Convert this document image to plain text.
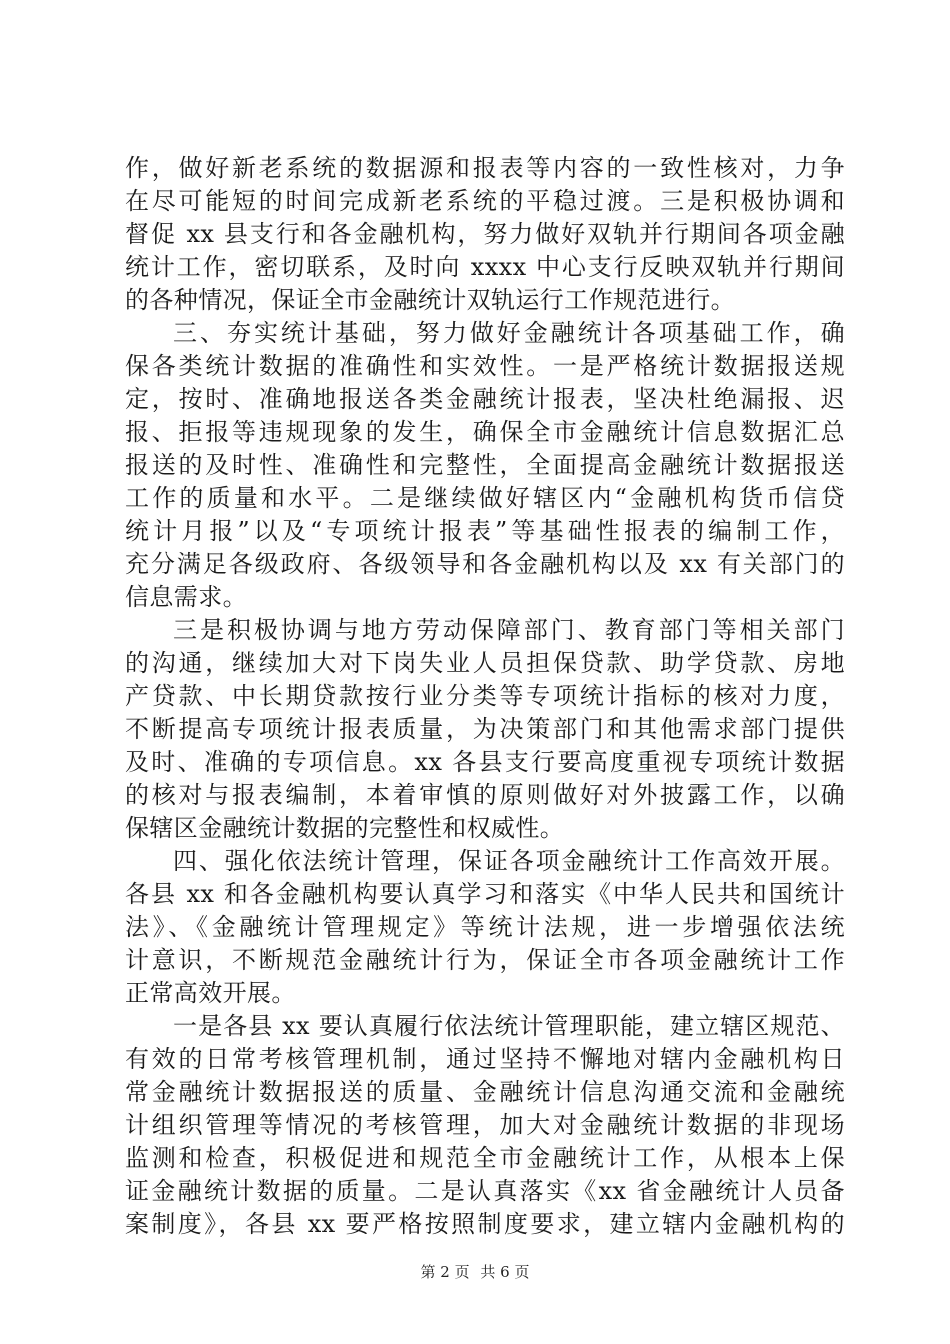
作，做好新老系统的数据源和报表等内容的一致性核对，力争
在尽可能短的时间完成新老系统的平稳过渡。三是积极协调和
督促 xx 县支行和各金融机构，努力做好双轨并行期间各项金融
统计工作，密切联系，及时向 xxxx 中心支行反映双轨并行期间
的各种情况，保证全市金融统计双轨运行工作规范进行。
三、夯实统计基础，努力做好金融统计各项基础工作，确
保各类统计数据的准确性和实效性。一是严格统计数据报送规
定，按时、准确地报送各类金融统计报表，坚决杜绝漏报、迟
报、拒报等违规现象的发生，确保全市金融统计信息数据汇总
报送的及时性、准确性和完整性，全面提高金融统计数据报送
工作的质量和水平。二是继续做好辖区内“金融机构货币信贷
统计月报”以及“专项统计报表”等基础性报表的编制工作，
充分满足各级政府、各级领导和各金融机构以及 xx 有关部门的
信息需求。
三是积极协调与地方劳动保障部门、教育部门等相关部门
的沟通，继续加大对下岗失业人员担保贷款、助学贷款、房地
产贷款、中长期贷款按行业分类等专项统计指标的核对力度，
不断提高专项统计报表质量，为决策部门和其他需求部门提供
及时、准确的专项信息。xx 各县支行要高度重视专项统计数据
的核对与报表编制，本着审慎的原则做好对外披露工作，以确
保辖区金融统计数据的完整性和权威性。
四、强化依法统计管理，保证各项金融统计工作高效开展。
各县 xx 和各金融机构要认真学习和落实《中华人民共和国统计
法》、《金融统计管理规定》等统计法规，进一步增强依法统
计意识，不断规范金融统计行为，保证全市各项金融统计工作
正常高效开展。
一是各县 xx 要认真履行依法统计管理职能，建立辖区规范、
有效的日常考核管理机制，通过坚持不懈地对辖内金融机构日
常金融统计数据报送的质量、金融统计信息沟通交流和金融统
计组织管理等情况的考核管理，加大对金融统计数据的非现场
监测和检查，积极促进和规范全市金融统计工作，从根本上保
证金融统计数据的质量。二是认真落实《xx 省金融统计人员备
案制度》，各县 xx 要严格按照制度要求，建立辖内金融机构的
第 2 页 共 6 页
